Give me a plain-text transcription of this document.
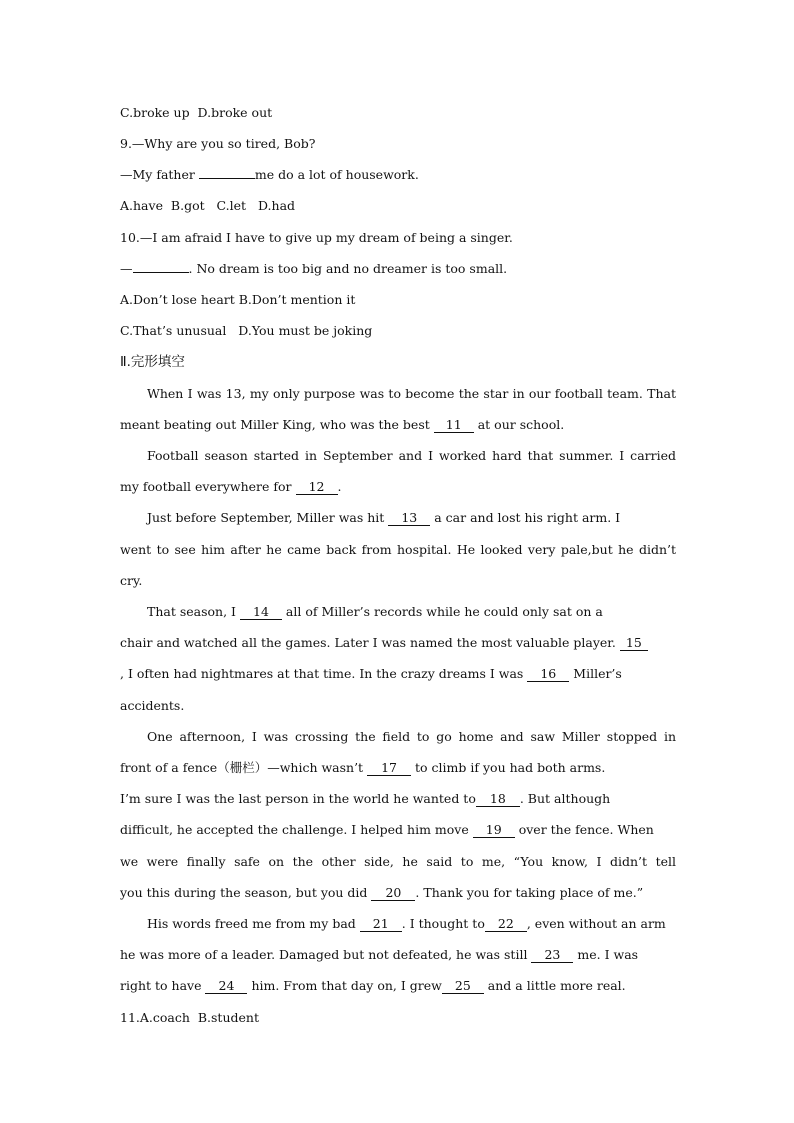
C.broke up  D.broke out
9.—Why are you so tired, Bob?
—My father	me do a lot of housework.
A.have  B.got   C.let   D.had
10.—I am afraid I have to give up my dream of being a singer.
—	. No dream is too big and no dreamer is too small.
A.Don’t lose heart B.Don’t mention it
C.That’s unusual   D.You must be joking
Ⅱ.完形填空
When I was 13, my only purpose was to become the star in our football team. That
meant beating out Miller King, who was the best 11 at our school.
Football season started in September and I worked hard that summer. I carried
my football everywhere for 12 .
Just before September, Miller was hit 13 a car and lost his right arm. I
went to see him after he came back from hospital. He looked very pale,but he didn’t
cry.
That season, I 14 all of Miller’s records while he could only sat on a
chair and watched all the games. Later I was named the most valuable player. 15
, I often had nightmares at that time. In the crazy dreams I was 16 Miller’s
accidents.
One afternoon, I was crossing the field to go home and saw Miller stopped in
front of a fence（栅栏）—which wasn’t 17 to climb if you had both arms.
I’m sure I was the last person in the world he wanted to 18 . But although
difficult, he accepted the challenge. I helped him move 19 over the fence. When
we were finally safe on the other side, he said to me, “You know, I didn’t tell
you this during the season, but you did 20 . Thank you for taking place of me.”
His words freed me from my bad 21 . I thought to 22 , even without an arm
he was more of a leader. Damaged but not defeated, he was still 23 me. I was
right to have 24 him. From that day on, I grew 25 and a little more real.
11.A.coach  B.student
